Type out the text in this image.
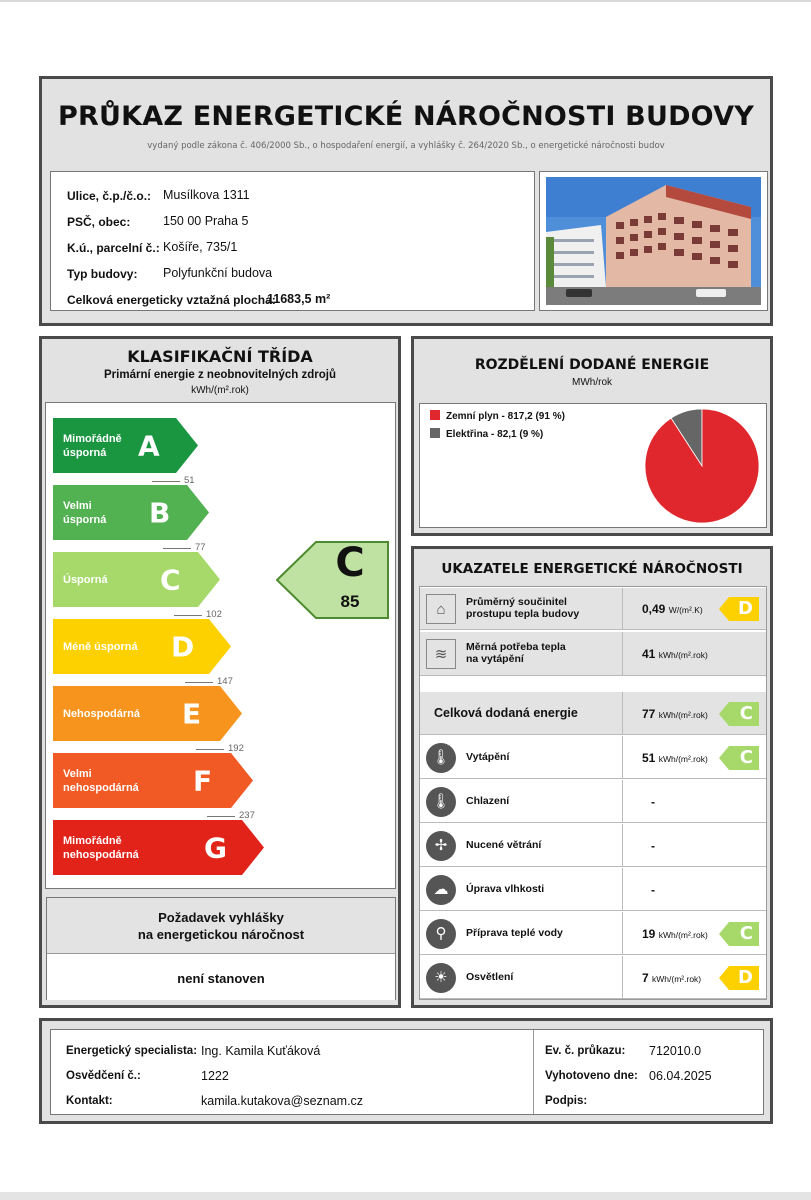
PRŮKAZ ENERGETICKÉ NÁROČNOSTI BUDOVY
vydaný podle zákona č. 406/2000 Sb., o hospodaření energií, a vyhlášky č. 264/2020 Sb., o energetické náročnosti budov
Ulice, č.p./č.o.: Musílkova 1311
PSČ, obec:	150 00 Praha 5
K.ú., parcelní č.: Košíře, 735/1
Typ budovy: Polyfunkční budova
Celková energeticky vztažná plocha:
11683,5 m²
KLASIFIKAČNÍ TŘÍDA
Primární energie z neobnovitelných zdrojů
kWh/(m².rok)
Požadavek vyhlášky
na energetickou náročnost
není stanoven
Mimořádně
úsporná	A
51
Velmi
úsporná B
77
Úsporná C
102
Méně úsporná D
147
Nehospodárná E
192
Velmi
nehospodárná F
237
Mimořádně
nehospodárná G
C
85
ROZDĚLENÍ DODANÉ ENERGIE
MWh/rok
Zemní plyn - 817,2 (91 %)
Elektřina - 82,1 (9 %)
UKAZATELE ENERGETICKÉ NÁROČNOSTI
⌂	Průměrný součinitel
prostupu tepla budovy	0,49 W/(m².K) D
≋	Měrná potřeba tepla
na vytápění	41 kWh/(m².rok)
Celková dodaná energie	77 kWh/(m².rok) C
🌡	Vytápění	51 kWh/(m².rok) C
🌡	Chlazení	-
✢	Nucené větrání	-
☁	Úprava vlhkosti	-
⚲	Příprava teplé vody	19 kWh/(m².rok) C
☀	Osvětlení	7 kWh/(m².rok) D
Energetický specialista: Ing. Kamila Kuťáková
Osvědčení č.:	1222
Kontakt:	kamila.kutakova@seznam.cz
Ev. č. průkazu: 712010.0
Vyhotoveno dne: 06.04.2025
Podpis:
